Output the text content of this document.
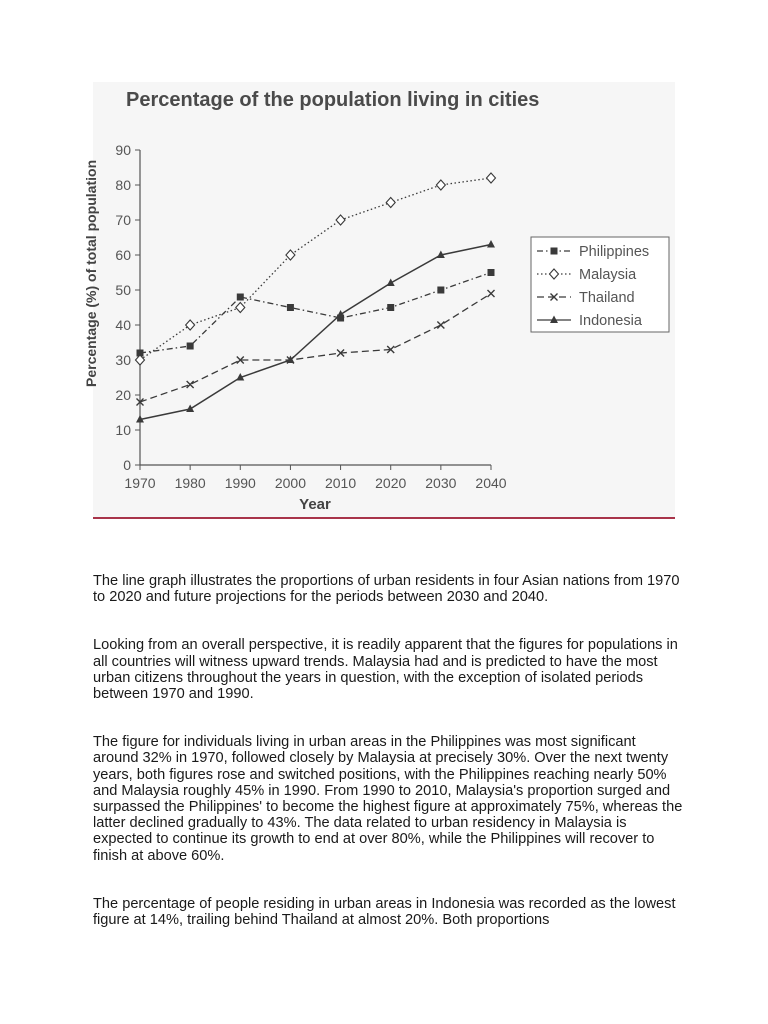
Percentage of the population living in cities
Percentage (%) of total population
Year
0
10
20
30
40
50
60
70
80
90
1970 1980 1990 2000 2010 2020 2030 2040
Philippines
Malaysia
Thailand
Indonesia

The line graph illustrates the proportions of urban residents in four Asian nations from 1970 to 2020 and future projections for the periods between 2030 and 2040.

Looking from an overall perspective, it is readily apparent that the figures for populations in all countries will witness upward trends. Malaysia had and is predicted to have the most urban citizens throughout the years in question, with the exception of isolated periods between 1970 and 1990.

The figure for individuals living in urban areas in the Philippines was most significant around 32% in 1970, followed closely by Malaysia at precisely 30%. Over the next twenty years, both figures rose and switched positions, with the Philippines reaching nearly 50% and Malaysia roughly 45% in 1990. From 1990 to 2010, Malaysia's proportion surged and surpassed the Philippines' to become the highest figure at approximately 75%, whereas the latter declined gradually to 43%. The data related to urban residency in Malaysia is expected to continue its growth to end at over 80%, while the Philippines will recover to finish at above 60%.

The percentage of people residing in urban areas in Indonesia was recorded as the lowest figure at 14%, trailing behind Thailand at almost 20%. Both proportions
